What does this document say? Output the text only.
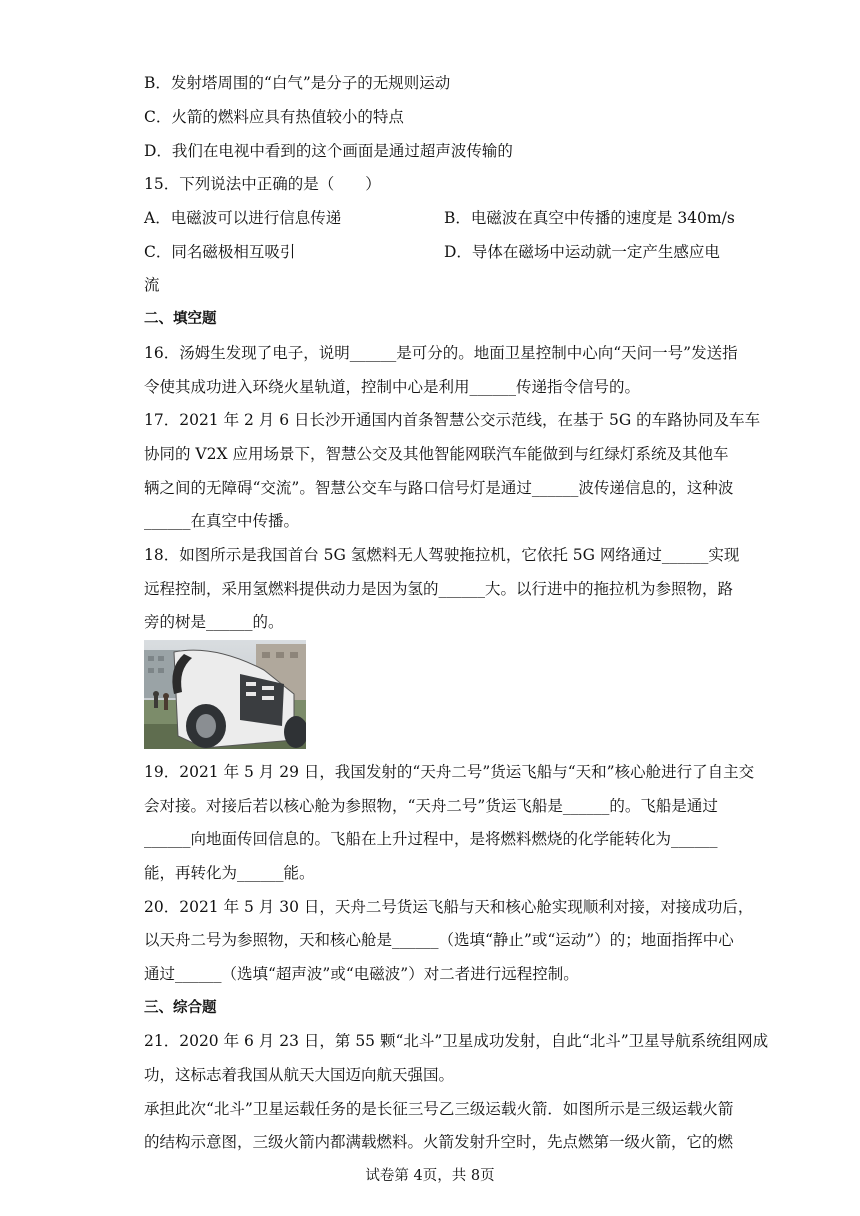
B．发射塔周围的“白气”是分子的无规则运动
C．火箭的燃料应具有热值较小的特点
D．我们在电视中看到的这个画面是通过超声波传输的
15．下列说法中正确的是（　　）
A．电磁波可以进行信息传递	B．电磁波在真空中传播的速度是 340m/s
C．同名磁极相互吸引	D．导体在磁场中运动就一定产生感应电
流
二、填空题
16．汤姆生发现了电子，说明______是可分的。地面卫星控制中心向“天问一号”发送指
令使其成功进入环绕火星轨道，控制中心是利用______传递指令信号的。
17．2021 年 2 月 6 日长沙开通国内首条智慧公交示范线，在基于 5G 的车路协同及车车
协同的 V2X 应用场景下，智慧公交及其他智能网联汽车能做到与红绿灯系统及其他车
辆之间的无障碍“交流”。智慧公交车与路口信号灯是通过______波传递信息的，这种波
______在真空中传播。
18．如图所示是我国首台 5G 氢燃料无人驾驶拖拉机，它依托 5G 网络通过______实现
远程控制，采用氢燃料提供动力是因为氢的______大。以行进中的拖拉机为参照物，路
旁的树是______的。
19．2021 年 5 月 29 日，我国发射的“天舟二号”货运飞船与“天和”核心舱进行了自主交
会对接。对接后若以核心舱为参照物，“天舟二号”货运飞船是______的。飞船是通过
______向地面传回信息的。飞船在上升过程中，是将燃料燃烧的化学能转化为______
能，再转化为______能。
20．2021 年 5 月 30 日，天舟二号货运飞船与天和核心舱实现顺利对接，对接成功后，
以天舟二号为参照物，天和核心舱是______（选填“静止”或“运动”）的；地面指挥中心
通过______（选填“超声波”或“电磁波”）对二者进行远程控制。
三、综合题
21．2020 年 6 月 23 日，第 55 颗“北斗”卫星成功发射，自此“北斗”卫星导航系统组网成
功，这标志着我国从航天大国迈向航天强国。
承担此次“北斗”卫星运载任务的是长征三号乙三级运载火箭．如图所示是三级运载火箭
的结构示意图，三级火箭内都满载燃料。火箭发射升空时，先点燃第一级火箭，它的燃
试卷第 4页，共 8页
